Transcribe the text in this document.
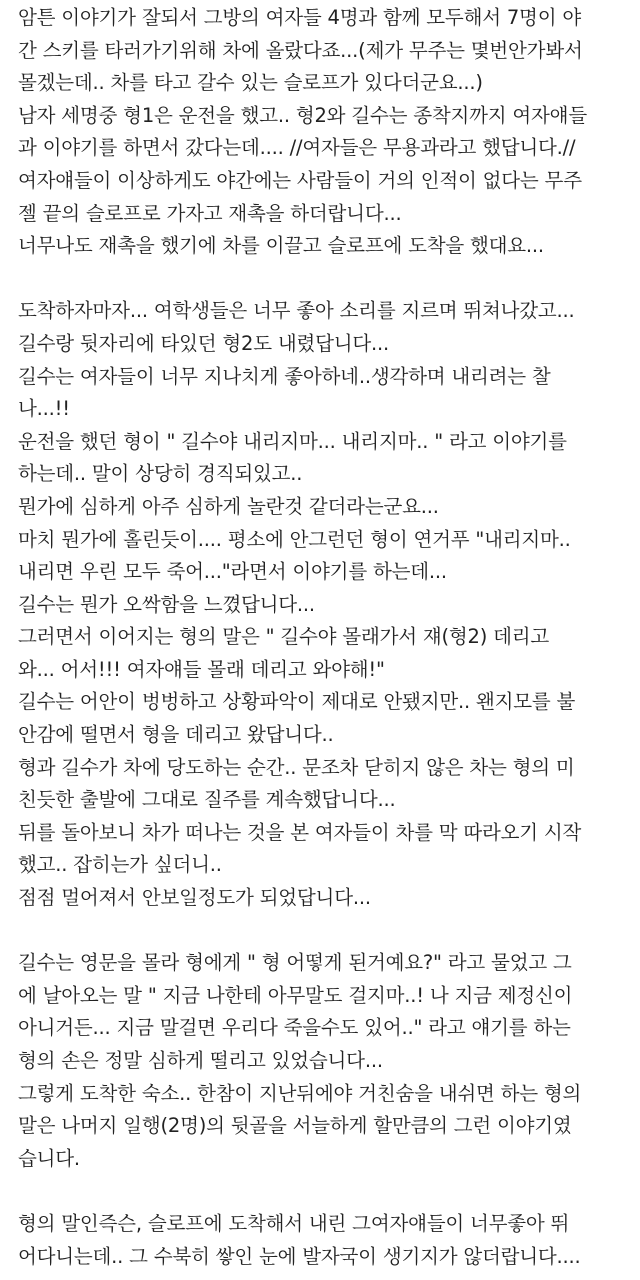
암튼 이야기가 잘되서 그방의 여자들 4명과 함께 모두해서 7명이 야
간 스키를 타러가기위해 차에 올랐다죠...(제가 무주는 몇번안가봐서
몰겠는데.. 차를 타고 갈수 있는 슬로프가 있다더군요...)
남자 세명중 형1은 운전을 했고.. 형2와 길수는 종착지까지 여자얘들
과 이야기를 하면서 갔다는데.... //여자들은 무용과라고 했답니다.//
여자얘들이 이상하게도 야간에는 사람들이 거의 인적이 없다는 무주
젤 끝의 슬로프로 가자고 재촉을 하더랍니다...
너무나도 재촉을 했기에 차를 이끌고 슬로프에 도착을 했대요...
도착하자마자... 여학생들은 너무 좋아 소리를 지르며 뛰쳐나갔고...
길수랑 뒷자리에 타있던 형2도 내렸답니다...
길수는 여자들이 너무 지나치게 좋아하네..생각하며 내리려는 찰
나...!!
운전을 했던 형이 " 길수야 내리지마... 내리지마.. " 라고 이야기를
하는데.. 말이 상당히 경직되있고..
뭔가에 심하게 아주 심하게 놀란것 같더라는군요...
마치 뭔가에 홀린듯이.... 평소에 안그런던 형이 연거푸 "내리지마..
내리면 우린 모두 죽어..."라면서 이야기를 하는데...
길수는 뭔가 오싹함을 느꼈답니다...
그러면서 이어지는 형의 말은 " 길수야 몰래가서 쟤(형2) 데리고
와... 어서!!! 여자얘들 몰래 데리고 와야해!"
길수는 어안이 벙벙하고 상황파악이 제대로 안됐지만.. 왠지모를 불
안감에 떨면서 형을 데리고 왔답니다..
형과 길수가 차에 당도하는 순간.. 문조차 닫히지 않은 차는 형의 미
친듯한 출발에 그대로 질주를 계속했답니다...
뒤를 돌아보니 차가 떠나는 것을 본 여자들이 차를 막 따라오기 시작
했고.. 잡히는가 싶더니..
점점 멀어져서 안보일정도가 되었답니다...
길수는 영문을 몰라 형에게 " 형 어떻게 된거예요?" 라고 물었고 그
에 날아오는 말 " 지금 나한테 아무말도 걸지마..! 나 지금 제정신이
아니거든... 지금 말걸면 우리다 죽을수도 있어.." 라고 얘기를 하는
형의 손은 정말 심하게 떨리고 있었습니다...
그렇게 도착한 숙소.. 한참이 지난뒤에야 거친숨을 내쉬면 하는 형의
말은 나머지 일행(2명)의 뒷골을 서늘하게 할만큼의 그런 이야기였
습니다.
형의 말인즉슨, 슬로프에 도착해서 내린 그여자얘들이 너무좋아 뛰
어다니는데.. 그 수북히 쌓인 눈에 발자국이 생기지가 않더랍니다....
